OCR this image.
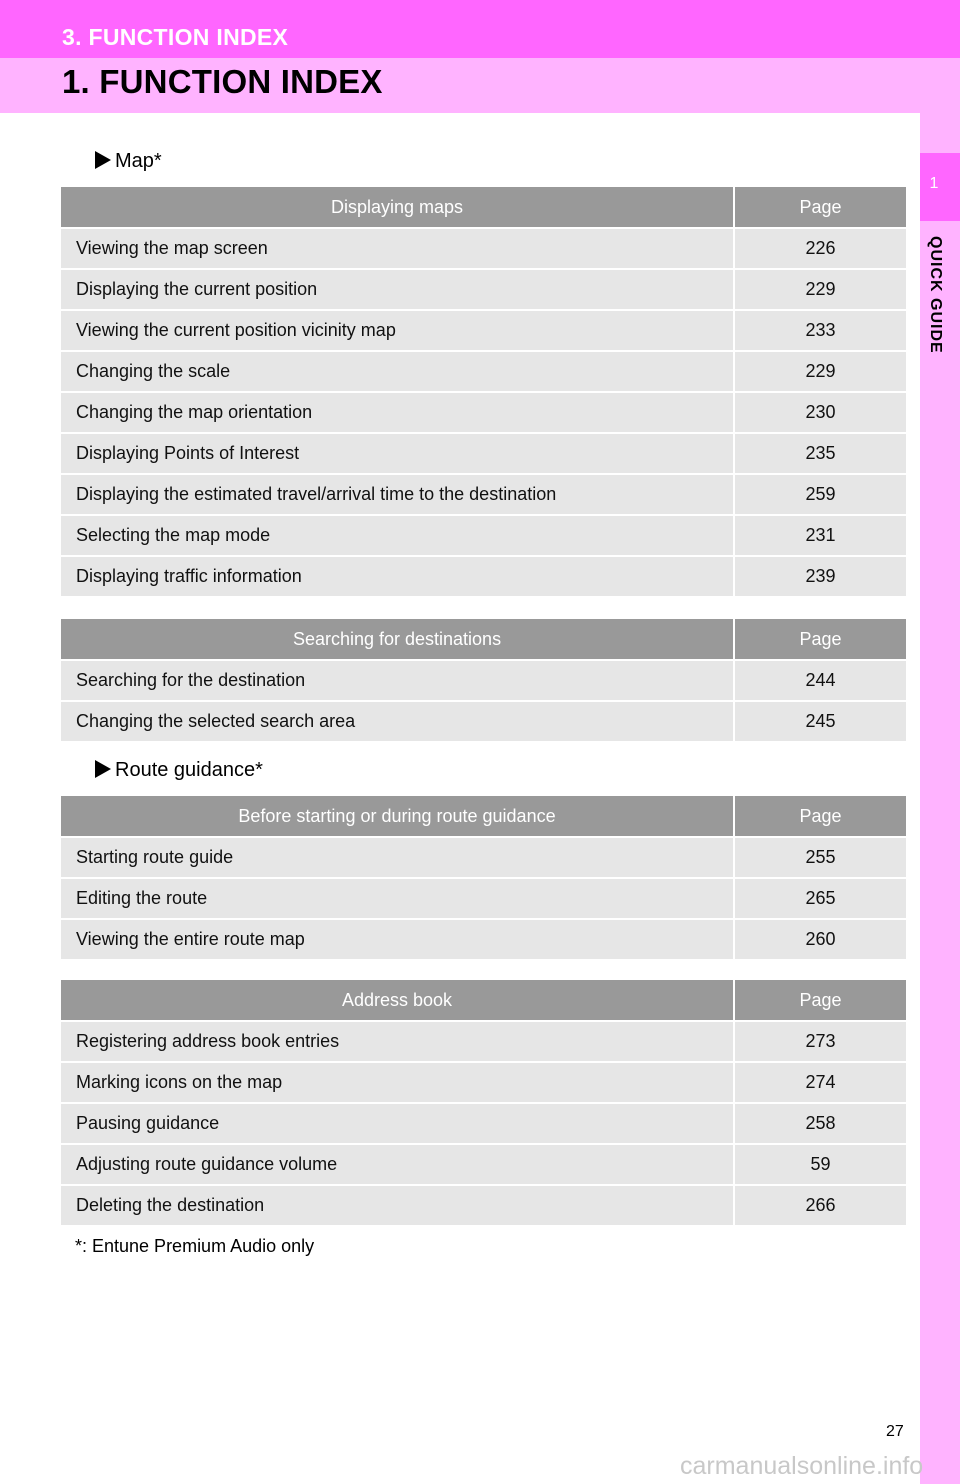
3. FUNCTION INDEX
1. FUNCTION INDEX
1
QUICK GUIDE
Map*
Displaying maps	Page
Viewing the map screen	226
Displaying the current position	229
Viewing the current position vicinity map	233
Changing the scale	229
Changing the map orientation	230
Displaying Points of Interest	235
Displaying the estimated travel/arrival time to the destination	259
Selecting the map mode	231
Displaying traffic information	239
Searching for destinations	Page
Searching for the destination	244
Changing the selected search area	245
Route guidance*
Before starting or during route guidance	Page
Starting route guide	255
Editing the route	265
Viewing the entire route map	260
Address book	Page
Registering address book entries	273
Marking icons on the map	274
Pausing guidance	258
Adjusting route guidance volume	59
Deleting the destination	266
*: Entune Premium Audio only
27
carmanualsonline.info
